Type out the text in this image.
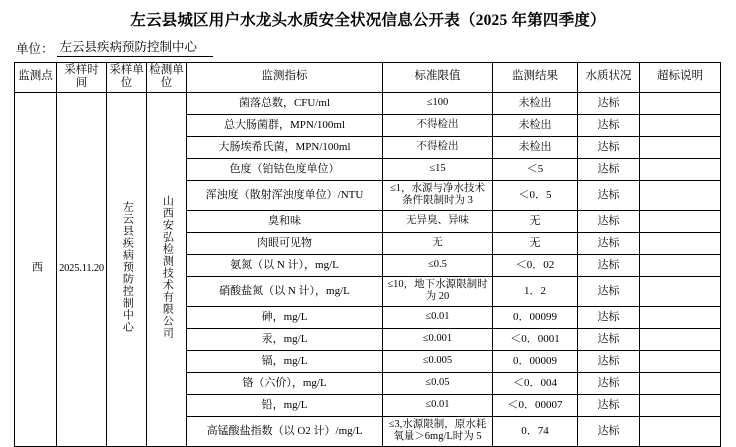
左云县城区用户水龙头水质安全状况信息公开表（2025 年第四季度）
单位： 左云县疾病预防控制中心
监测点	采样时间	采样单位	检测单位	监测指标	标准限值	监测结果	水质状况	超标说明
西	2025.11.20	左云县疾病预防控制中心	山西安弘检测技术有限公司	菌落总数，CFU/ml	≤100	未检出	达标	
				总大肠菌群，MPN/100ml	不得检出	未检出	达标	
				大肠埃希氏菌，MPN/100ml	不得检出	未检出	达标	
				色度（铂钴色度单位）	≤15	＜5	达标	
				浑浊度（散射浑浊度单位）/NTU	≤1，水源与净水技术条件限制时为 3	＜0．5	达标	
				臭和味	无异臭、异味	无	达标	
				肉眼可见物	无	无	达标	
				氨氮（以 N 计），mg/L	≤0.5	＜0．02	达标	
				硝酸盐氮（以 N 计），mg/L	≤10，地下水源限制时为 20	1．2	达标	
				砷，mg/L	≤0.01	0．00099	达标	
				汞，mg/L	≤0.001	＜0．0001	达标	
				镉，mg/L	≤0.005	0．00009	达标	
				铬（六价），mg/L	≤0.05	＜0．004	达标	
				铅，mg/L	≤0.01	＜0．00007	达标	
				高锰酸盐指数（以 O2 计）/mg/L	≤3,水源限制，原水耗氧量＞6mg/L时为 5	0．74	达标	
